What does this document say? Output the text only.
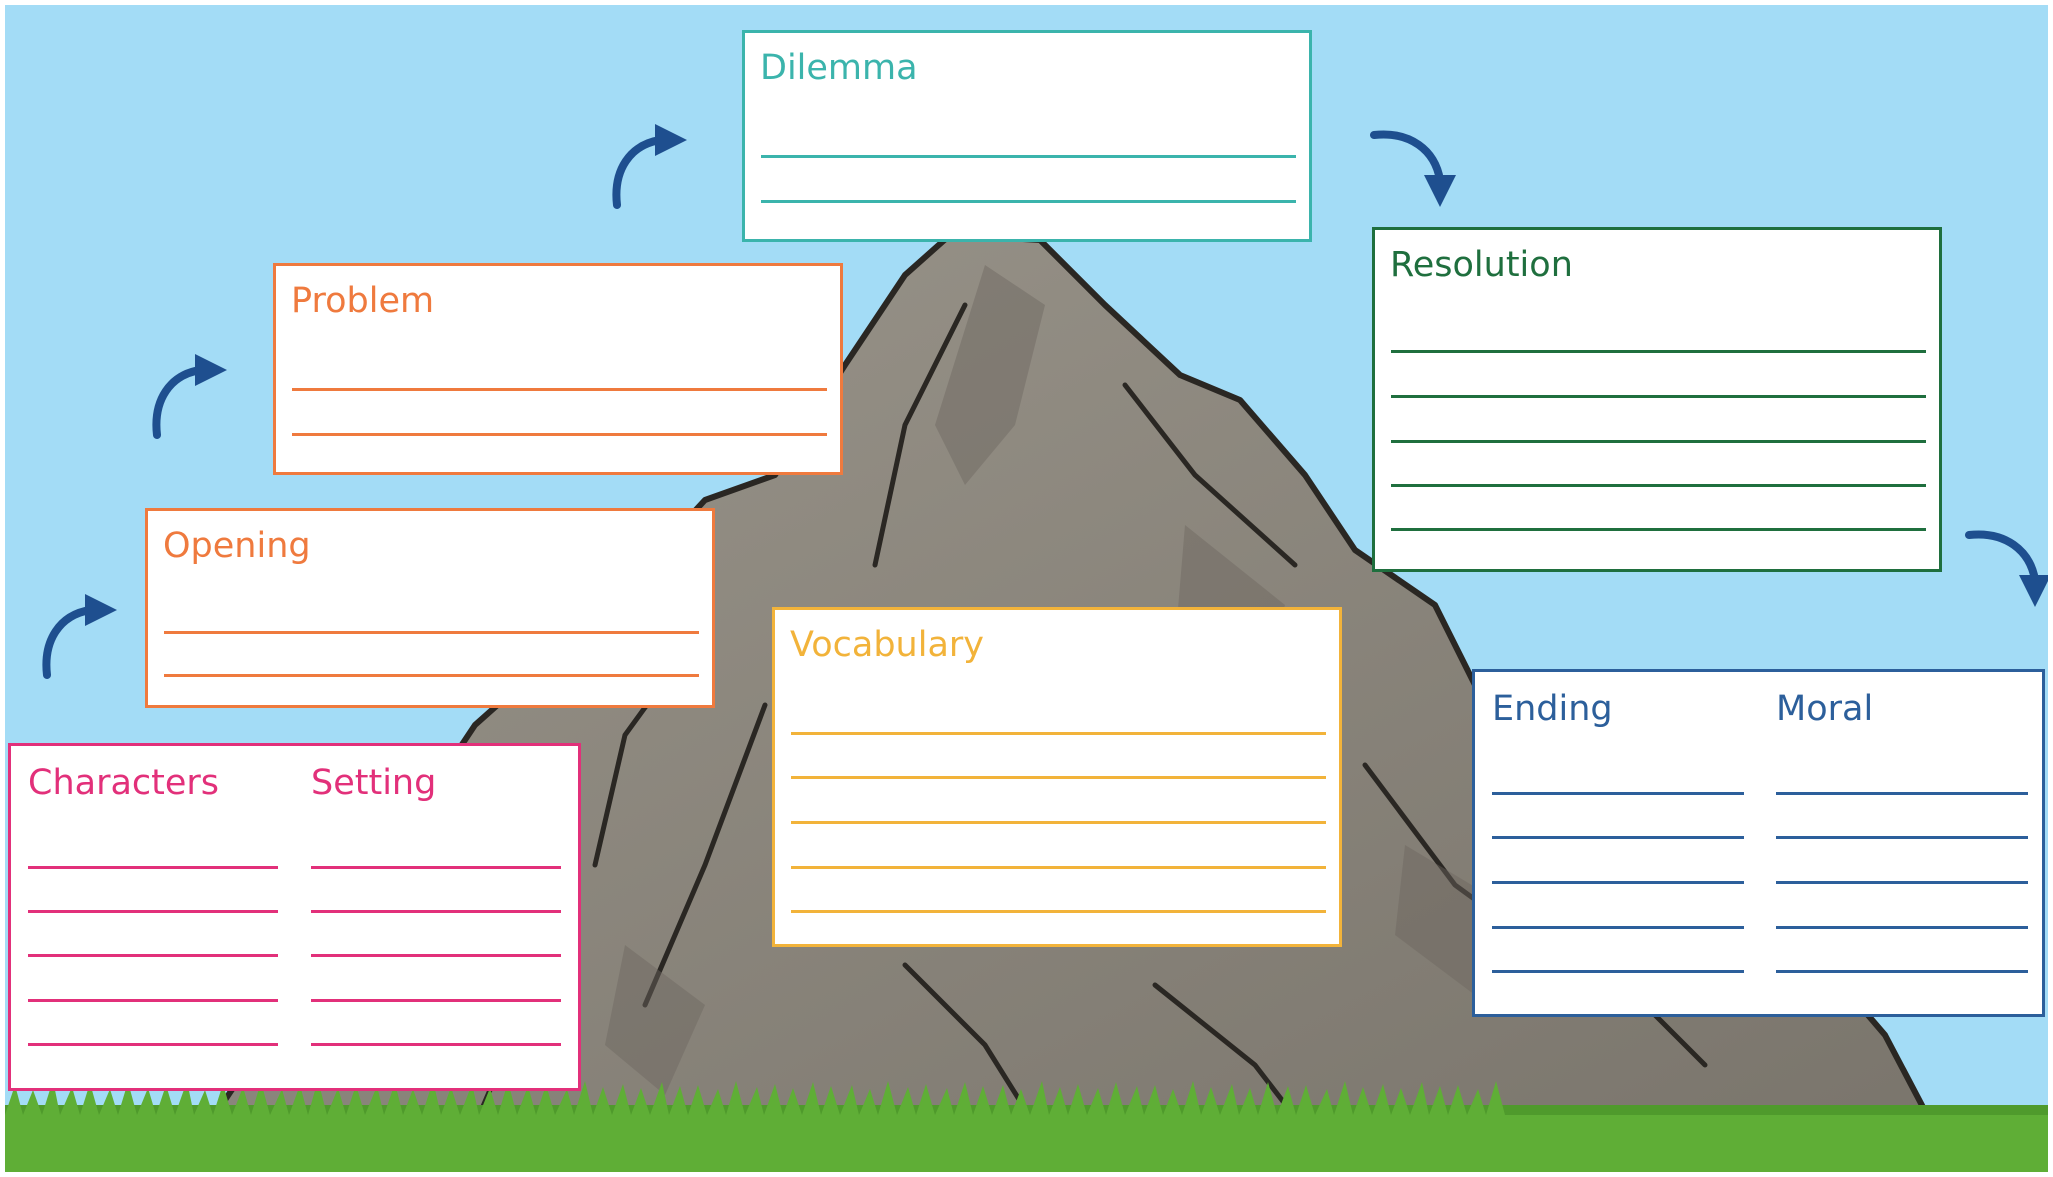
Dilemma
Problem
Opening
Characters	Setting
Vocabulary
Resolution
Ending	Moral
